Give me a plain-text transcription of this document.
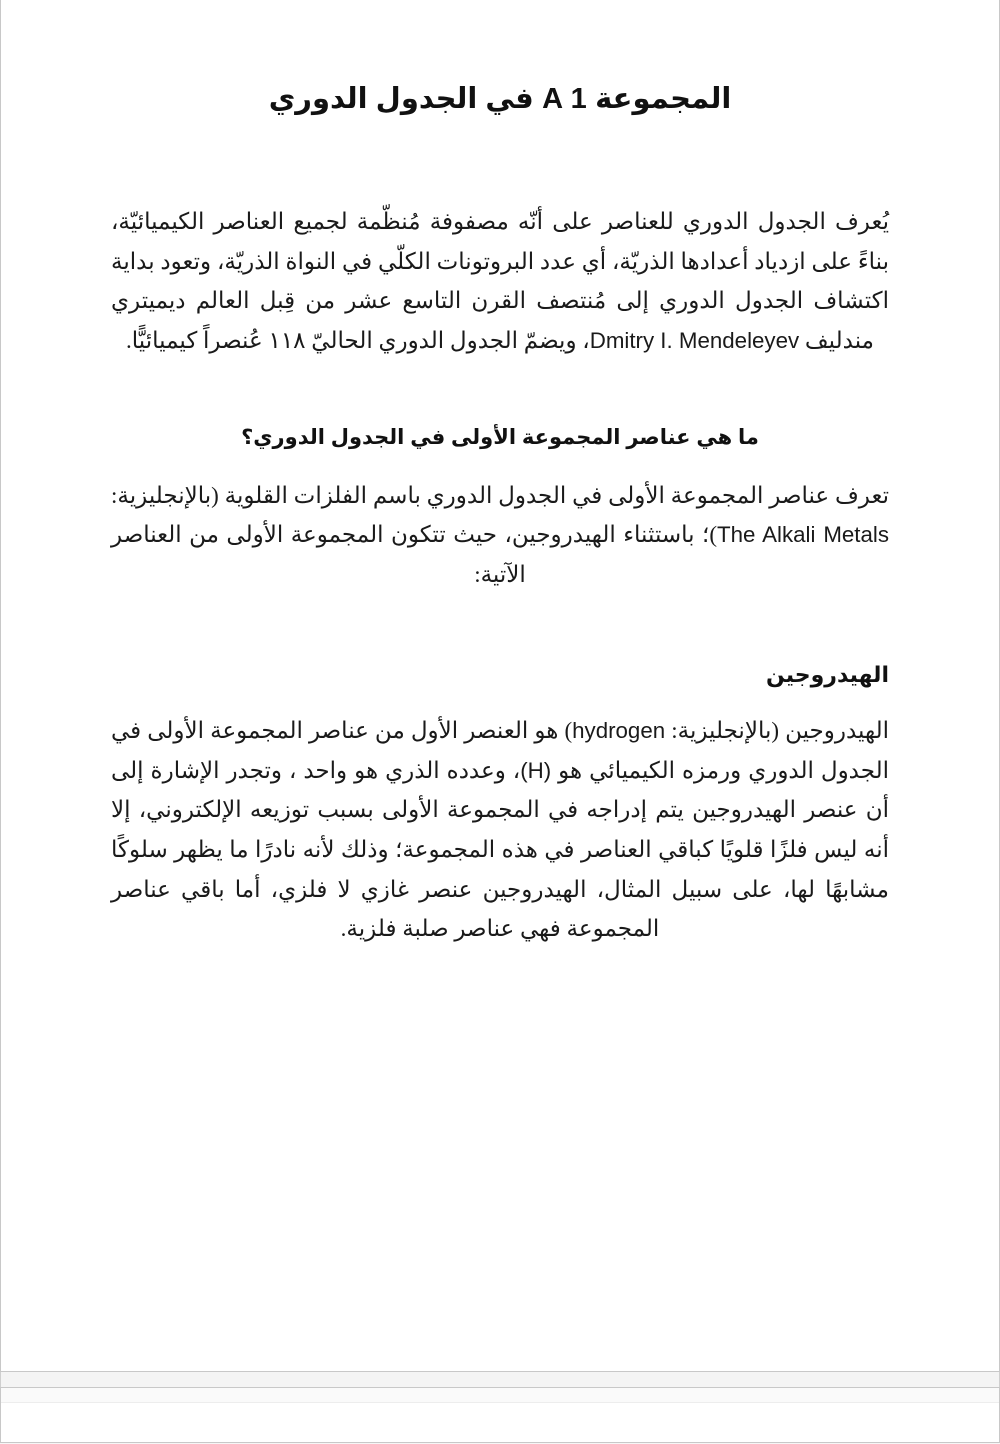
المجموعة A 1 في الجدول الدوري

يُعرف الجدول الدوري للعناصر على أنّه مصفوفة مُنظّمة لجميع العناصر الكيميائيّة، بناءً على ازدياد أعدادها الذريّة، أي عدد البروتونات الكلّي في النواة الذريّة، وتعود بداية اكتشاف الجدول الدوري إلى مُنتصف القرن التاسع عشر من قِبل العالم ديميتري مندليف Dmitry I. Mendeleyev، ويضمّ الجدول الدوري الحاليّ ١١٨ عُنصراً كيميائيًّا.

ما هي عناصر المجموعة الأولى في الجدول الدوري؟

تعرف عناصر المجموعة الأولى في الجدول الدوري باسم الفلزات القلوية (بالإنجليزية: The Alkali Metals)؛ باستثناء الهيدروجين، حيث تتكون المجموعة الأولى من العناصر الآتية:

الهيدروجين

الهيدروجين (بالإنجليزية: hydrogen) هو العنصر الأول من عناصر المجموعة الأولى في الجدول الدوري ورمزه الكيميائي هو (H)، وعدده الذري هو واحد ، وتجدر الإشارة إلى أن عنصر الهيدروجين يتم إدراجه في المجموعة الأولى بسبب توزيعه الإلكتروني، إلا أنه ليس فلزًا قلويًا كباقي العناصر في هذه المجموعة؛ وذلك لأنه نادرًا ما يظهر سلوكًا مشابهًا لها، على سبيل المثال، الهيدروجين عنصر غازي لا فلزي، أما باقي عناصر المجموعة فهي عناصر صلبة فلزية.
